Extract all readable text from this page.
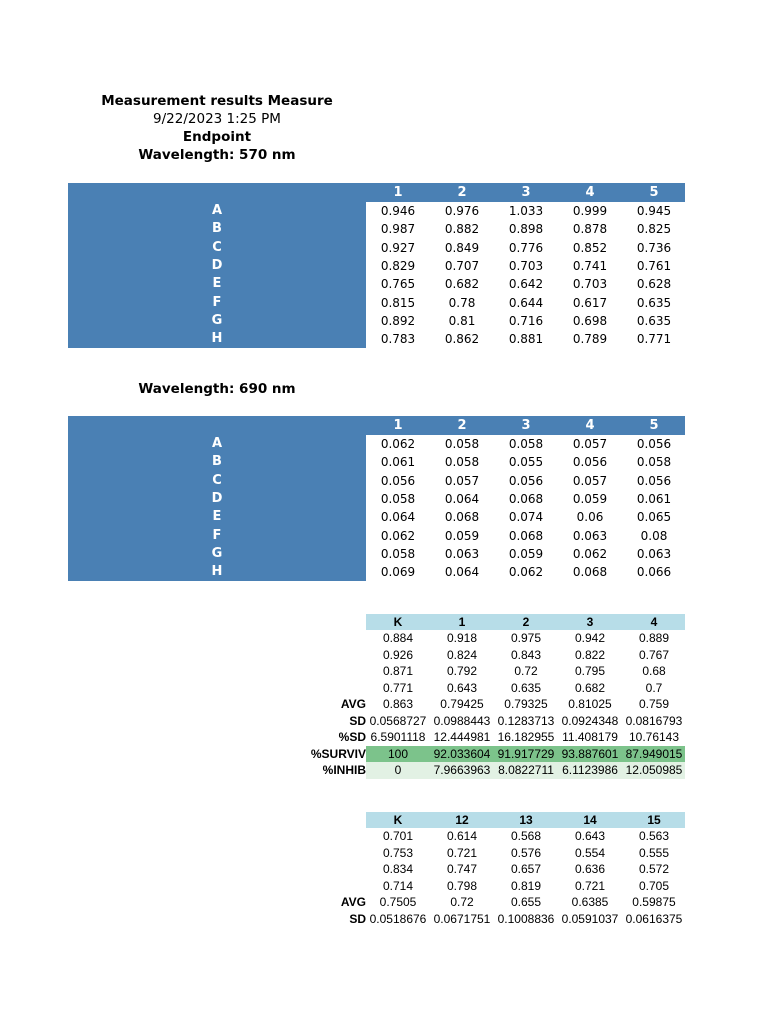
Measurement results Measure
9/22/2023 1:25 PM
Endpoint
Wavelength: 570 nm
1	2	3	4	5
A	0.946	0.976	1.033	0.999	0.945
B	0.987	0.882	0.898	0.878	0.825
C	0.927	0.849	0.776	0.852	0.736
D	0.829	0.707	0.703	0.741	0.761
E	0.765	0.682	0.642	0.703	0.628
F	0.815	0.78	0.644	0.617	0.635
G	0.892	0.81	0.716	0.698	0.635
H	0.783	0.862	0.881	0.789	0.771
Wavelength: 690 nm
1	2	3	4	5
A	0.062	0.058	0.058	0.057	0.056
B	0.061	0.058	0.055	0.056	0.058
C	0.056	0.057	0.056	0.057	0.056
D	0.058	0.064	0.068	0.059	0.061
E	0.064	0.068	0.074	0.06	0.065
F	0.062	0.059	0.068	0.063	0.08
G	0.058	0.063	0.059	0.062	0.063
H	0.069	0.064	0.062	0.068	0.066
K	1	2	3	4
0.884	0.918	0.975	0.942	0.889
0.926	0.824	0.843	0.822	0.767
0.871	0.792	0.72	0.795	0.68
0.771	0.643	0.635	0.682	0.7
AVG	0.863	0.79425	0.79325	0.81025	0.759
SD 0.0568727 0.0988443 0.1283713 0.0924348 0.0816793
%SD 6.5901118 12.444981 16.182955 11.408179 10.76143
%SURVIV	100	92.033604 91.917729 93.887601 87.949015
%INHIB	0	7.9663963 8.0822711 6.1123986 12.050985
K	12	13	14	15
0.701	0.614	0.568	0.643	0.563
0.753	0.721	0.576	0.554	0.555
0.834	0.747	0.657	0.636	0.572
0.714	0.798	0.819	0.721	0.705
AVG	0.7505	0.72	0.655	0.6385	0.59875
SD 0.0518676 0.0671751 0.1008836 0.0591037 0.0616375
